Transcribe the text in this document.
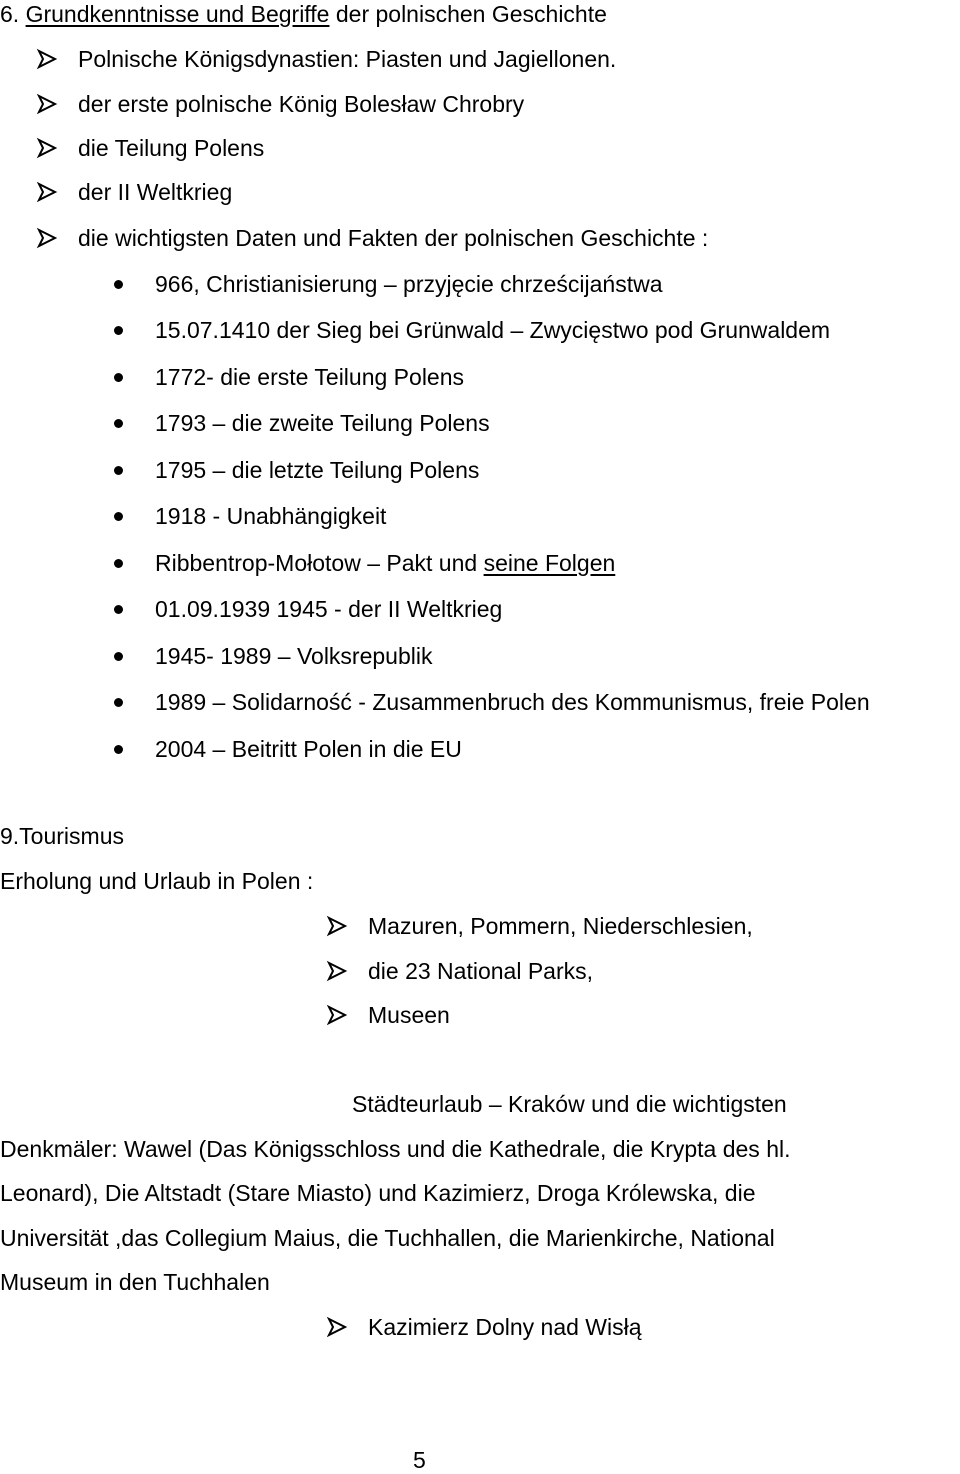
6. Grundkenntnisse und Begriffe der polnischen Geschichte
Polnische Königsdynastien: Piasten und Jagiellonen.
der erste polnische König Bolesław Chrobry
die Teilung Polens
der II Weltkrieg
die wichtigsten Daten und Fakten der polnischen Geschichte :
966, Christianisierung – przyjęcie chrześcijaństwa
15.07.1410 der Sieg bei Grünwald – Zwycięstwo pod Grunwaldem
1772- die erste Teilung Polens
1793 – die zweite Teilung Polens
1795 – die letzte Teilung Polens
1918 - Unabhängigkeit
Ribbentrop-Mołotow – Pakt und seine Folgen
01.09.1939 1945 - der II Weltkrieg
1945- 1989 – Volksrepublik
1989 – Solidarność - Zusammenbruch des Kommunismus, freie Polen
2004 – Beitritt Polen in die EU
9.Tourismus
Erholung und Urlaub in Polen :
Mazuren, Pommern, Niederschlesien,
die 23 National Parks,
Museen
Städteurlaub – Kraków und die wichtigsten
Denkmäler: Wawel (Das Königsschloss und die Kathedrale, die Krypta des hl.
Leonard), Die Altstadt (Stare Miasto) und Kazimierz, Droga Królewska, die
Universität ,das Collegium Maius, die Tuchhallen, die Marienkirche, National
Museum in den Tuchhalen
Kazimierz Dolny nad Wisłą
5
